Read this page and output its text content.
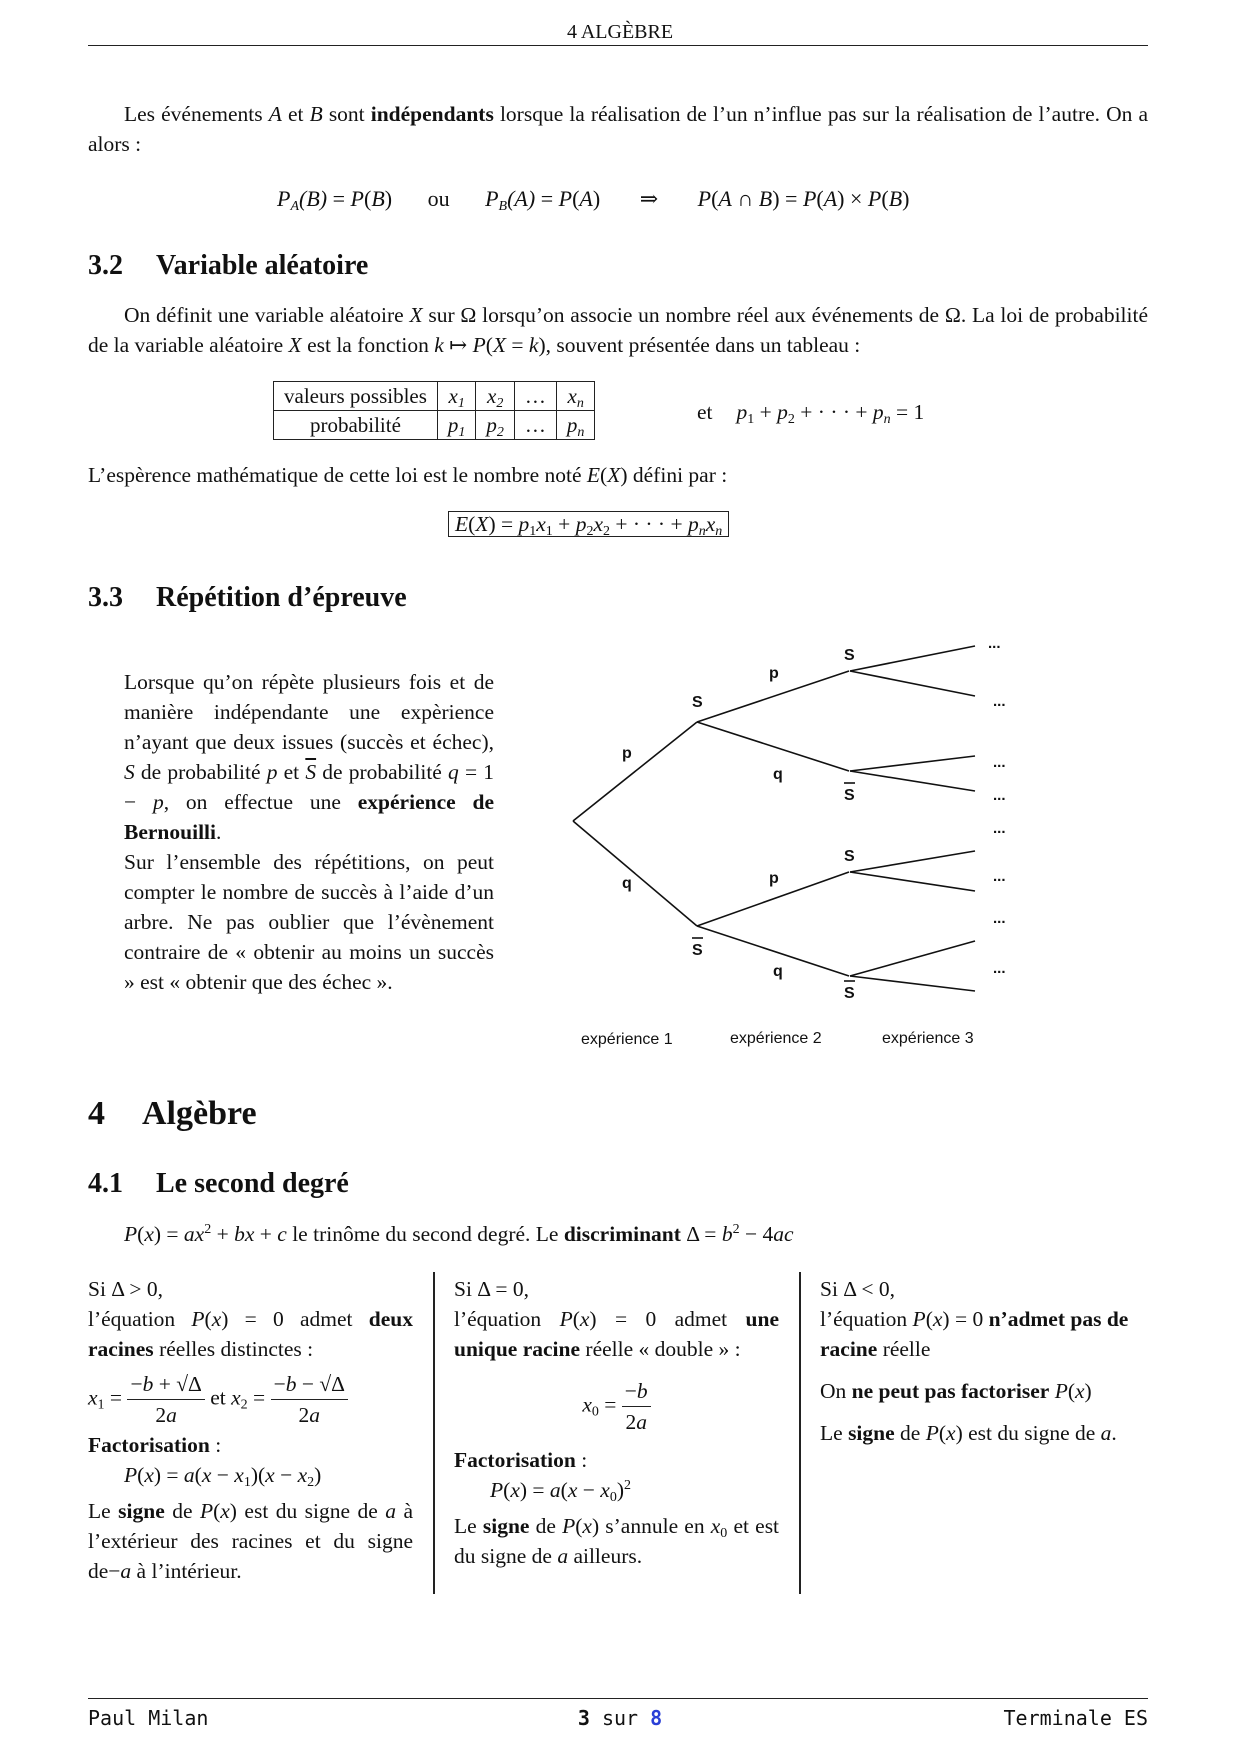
4 ALGÈBRE
Les événements A et B sont indépendants lorsque la réalisation de l’un n’influe pas sur la réalisation de l’autre. On a alors :
$P_A(B) = P(B)$ ou $P_B(A) = P(A)$ ⇒ P(A ∩ B) = P(A) × P(B)
3.2 Variable aléatoire
On définit une variable aléatoire X sur Ω lorsqu’on associe un nombre réel aux événements de Ω. La loi de probabilité de la variable aléatoire X est la fonction k ↦ P(X = k), souvent présentée dans un tableau :
valeurs possibles	$x_1$	$x_2$	…	$x_n$
probabilité	$p_1$	$p_2$	…	$p_n$
et $p_1 + p_2$ + · · · + $p_n = 1$
L’espèrence mathématique de cette loi est le nombre noté E(X) défini par :
$E(X) = p_1x_1 + p_2x_2$ + · · · + $p_nx_n$
3.3 Répétition d’épreuve
Lorsque qu’on répète plusieurs fois et de manière indépendante une expèrience n’ayant que deux issues (succès et échec), S de probabilité p et $\overline{S}$ de probabilité q = 1 − p, on effectue une expérience de Bernouilli.
Sur l’ensemble des répétitions, on peut compter le nombre de succès à l’aide d’un arbre. Ne pas oublier que l’évènement contraire de « obtenir au moins un succès » est « obtenir que des échec ».
S
S
S
S
S
S
p
q
p
q
p
q
...
...
...
...
...
...
...
...
expérience 1	expérience 2	expérience 3
4 Algèbre
4.1 Le second degré
$P(x) = ax^2$ + bx + c le trinôme du second degré. Le discriminant $\Delta = b^2 - 4ac$
Si Δ > 0,
l’équation P(x) = 0 admet deux racines réelles distinctes :
$x_1 = \frac{-b + √\Delta}{2a}$ et $x_2 = \frac{-b - √\Delta}{2a}$
Factorisation :
$P(x) = a(x - x_1)(x - x_2)$
Le signe de P(x) est du signe de a à l’extérieur des racines et du signe de−a à l’intérieur.
Si Δ = 0,
l’équation P(x) = 0 admet une unique racine réelle « double » :
$x_0 = \frac{-b}{2a}$
Factorisation :
$P(x) = a(x - x_0)^2$
Le signe de P(x) s’annule en $x_0$ et est du signe de a ailleurs.
Si Δ < 0,
l’équation P(x) = 0 n’admet pas de racine réelle
On ne peut pas factoriser P(x)
Le signe de P(x) est du signe de a.
Paul Milan	3 sur 8	Terminale ES
